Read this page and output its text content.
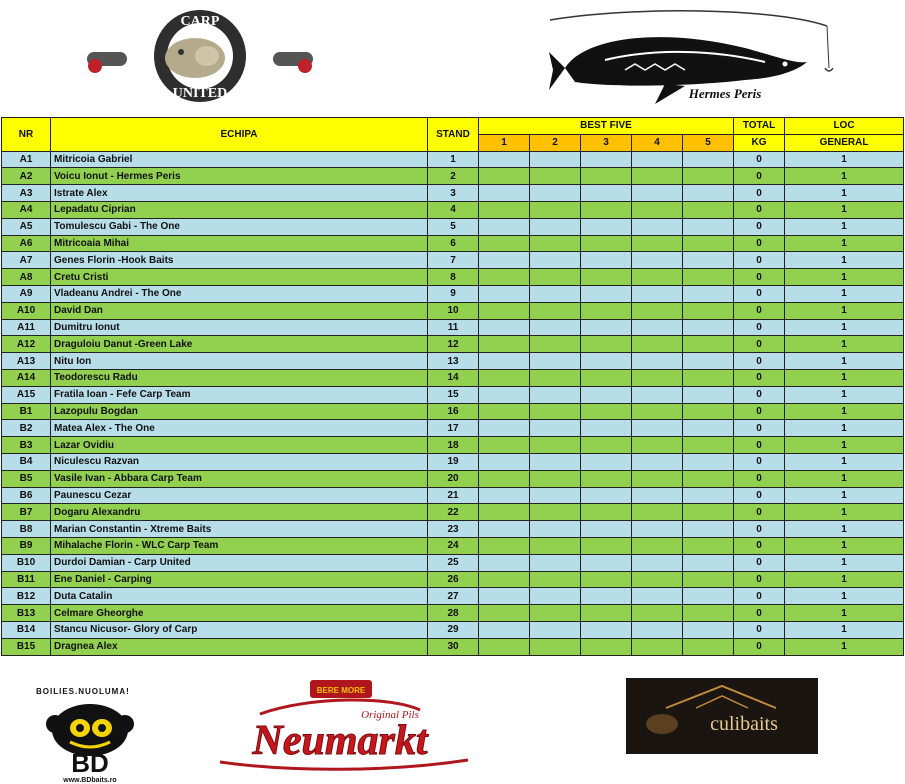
CARP
UNITED
EST. 2015
Hermes Peris
NR	ECHIPA	STAND	BEST FIVE					TOTAL	LOC
			1	2	3	4	5	KG	GENERAL
A1	Mitricoia Gabriel	1						0	1
A2	Voicu Ionut - Hermes Peris	2						0	1
A3	Istrate Alex	3						0	1
A4	Lepadatu Ciprian	4						0	1
A5	Tomulescu Gabi - The One	5						0	1
A6	Mitricoaia Mihai	6						0	1
A7	Genes Florin -Hook Baits	7						0	1
A8	Cretu Cristi	8						0	1
A9	Vladeanu Andrei - The One	9						0	1
A10	David Dan	10						0	1
A11	Dumitru Ionut	11						0	1
A12	Draguloiu Danut -Green Lake	12						0	1
A13	Nitu Ion	13						0	1
A14	Teodorescu Radu	14						0	1
A15	Fratila Ioan - Fefe Carp Team	15						0	1
B1	Lazopulu Bogdan	16						0	1
B2	Matea Alex - The One	17						0	1
B3	Lazar Ovidiu	18						0	1
B4	Niculescu Razvan	19						0	1
B5	Vasile Ivan - Abbara Carp Team	20						0	1
B6	Paunescu Cezar	21						0	1
B7	Dogaru Alexandru	22						0	1
B8	Marian Constantin - Xtreme Baits	23						0	1
B9	Mihalache Florin - WLC Carp Team	24						0	1
B10	Durdoi Damian - Carp United	25						0	1
B11	Ene Daniel - Carping	26						0	1
B12	Duta Catalin	27						0	1
B13	Celmare Gheorghe	28						0	1
B14	Stancu Nicusor- Glory of Carp	29						0	1
B15	Dragnea Alex	30						0	1
BOILIES.NUOLUMA!
BD
www.BDbaits.ro
BERE MORE
Original Pils
Neumarkt	culibaits
